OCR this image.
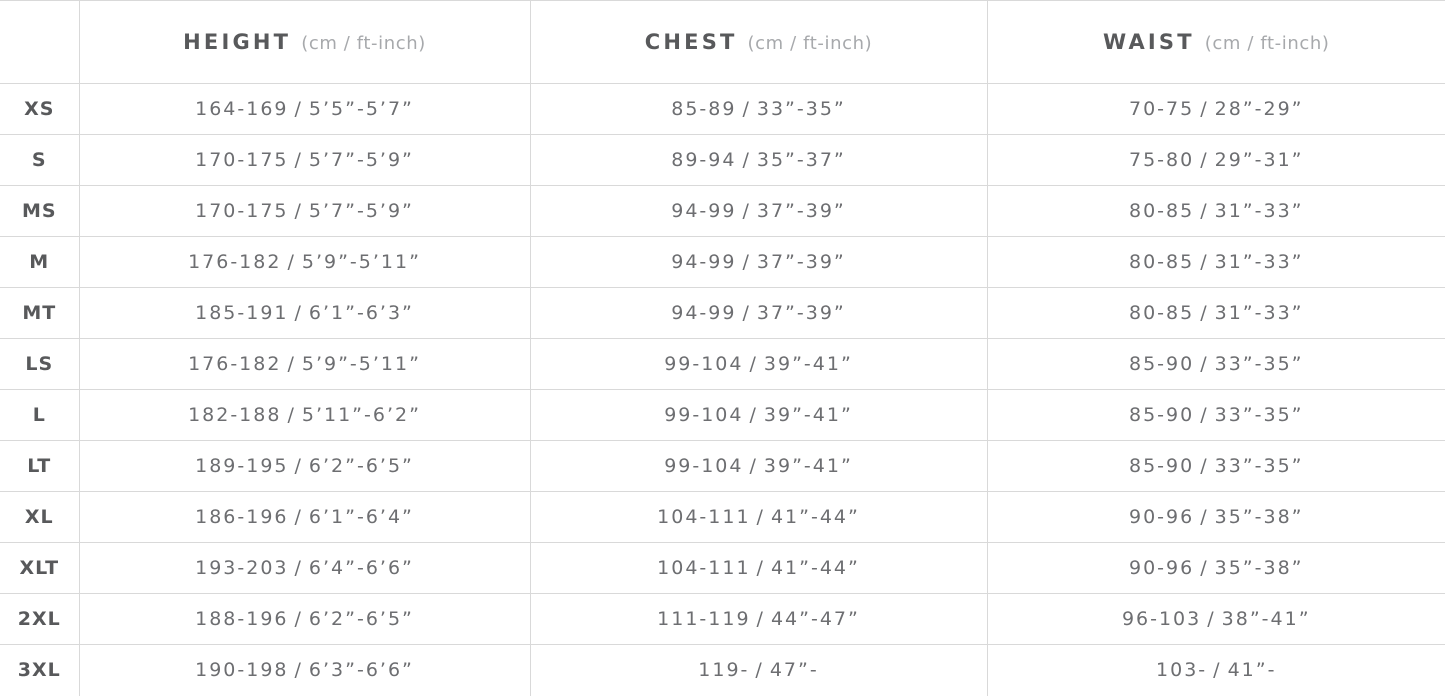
	HEIGHT (cm / ft-inch)	CHEST (cm / ft-inch)	WAIST (cm / ft-inch)
XS	164-169 / 5’5”-5’7”	85-89 / 33”-35”	70-75 / 28”-29”
S	170-175 / 5’7”-5’9”	89-94 / 35”-37”	75-80 / 29”-31”
MS	170-175 / 5’7”-5’9”	94-99 / 37”-39”	80-85 / 31”-33”
M	176-182 / 5’9”-5’11”	94-99 / 37”-39”	80-85 / 31”-33”
MT	185-191 / 6’1”-6’3”	94-99 / 37”-39”	80-85 / 31”-33”
LS	176-182 / 5’9”-5’11”	99-104 / 39”-41”	85-90 / 33”-35”
L	182-188 / 5’11”-6’2”	99-104 / 39”-41”	85-90 / 33”-35”
LT	189-195 / 6’2”-6’5”	99-104 / 39”-41”	85-90 / 33”-35”
XL	186-196 / 6’1”-6’4”	104-111 / 41”-44”	90-96 / 35”-38”
XLT	193-203 / 6’4”-6’6”	104-111 / 41”-44”	90-96 / 35”-38”
2XL	188-196 / 6’2”-6’5”	111-119 / 44”-47”	96-103 / 38”-41”
3XL	190-198 / 6’3”-6’6”	119- / 47”-	103- / 41”-
